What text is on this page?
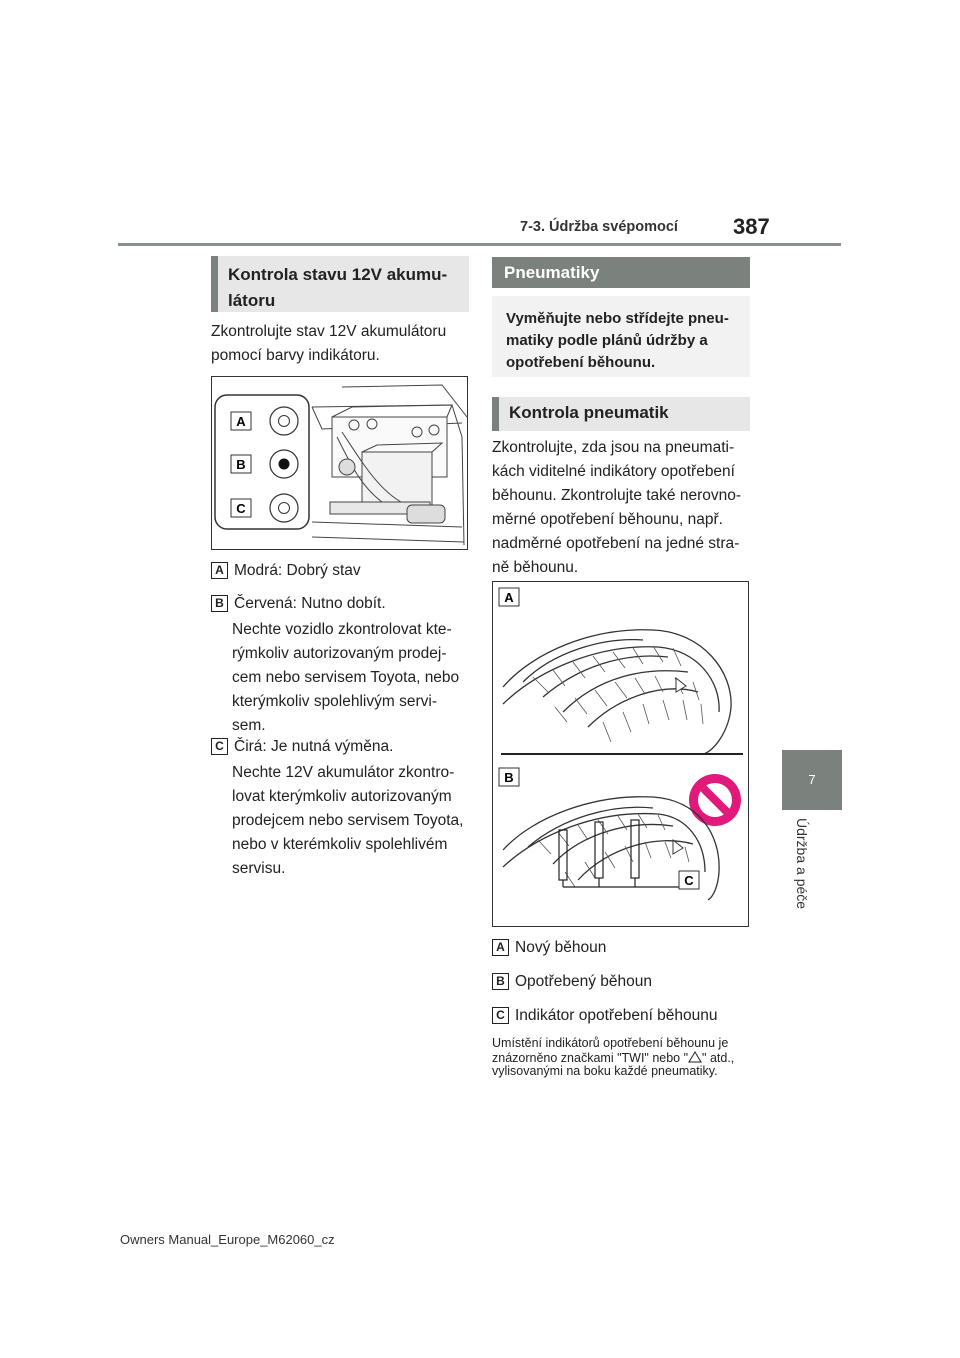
7-3. Údržba svépomocí	387
7
Údržba a péče
Kontrola stavu 12V akumu-látoru
Zkontrolujte stav 12V akumulátoru pomocí barvy indikátoru.
A
B
C
A Modrá: Dobrý stav
B Červená: Nutno dobít.
Nechte vozidlo zkontrolovat kte-rýmkoliv autorizovaným prodej-cem nebo servisem Toyota, nebo kterýmkoliv spolehlivým servi-sem.
C Čirá: Je nutná výměna.
Nechte 12V akumulátor zkontro-lovat kterýmkoliv autorizovaným prodejcem nebo servisem Toyota, nebo v kterémkoliv spolehlivém servisu.
Pneumatiky
Vyměňujte nebo střídejte pneu-matiky podle plánů údržby a opotřebení běhounu.
Kontrola pneumatik
Zkontrolujte, zda jsou na pneumati-kách viditelné indikátory opotřebení běhounu. Zkontrolujte také nerovno-měrné opotřebení běhounu, např. nadměrné opotřebení na jedné stra-ně běhounu.
A
B
C
A Nový běhoun
B Opotřebený běhoun
C Indikátor opotřebení běhounu
Umístění indikátorů opotřebení běhounu je znázorněno značkami "TWI" nebo " " atd., vylisovanými na boku každé pneumatiky.
Owners Manual_Europe_M62060_cz
